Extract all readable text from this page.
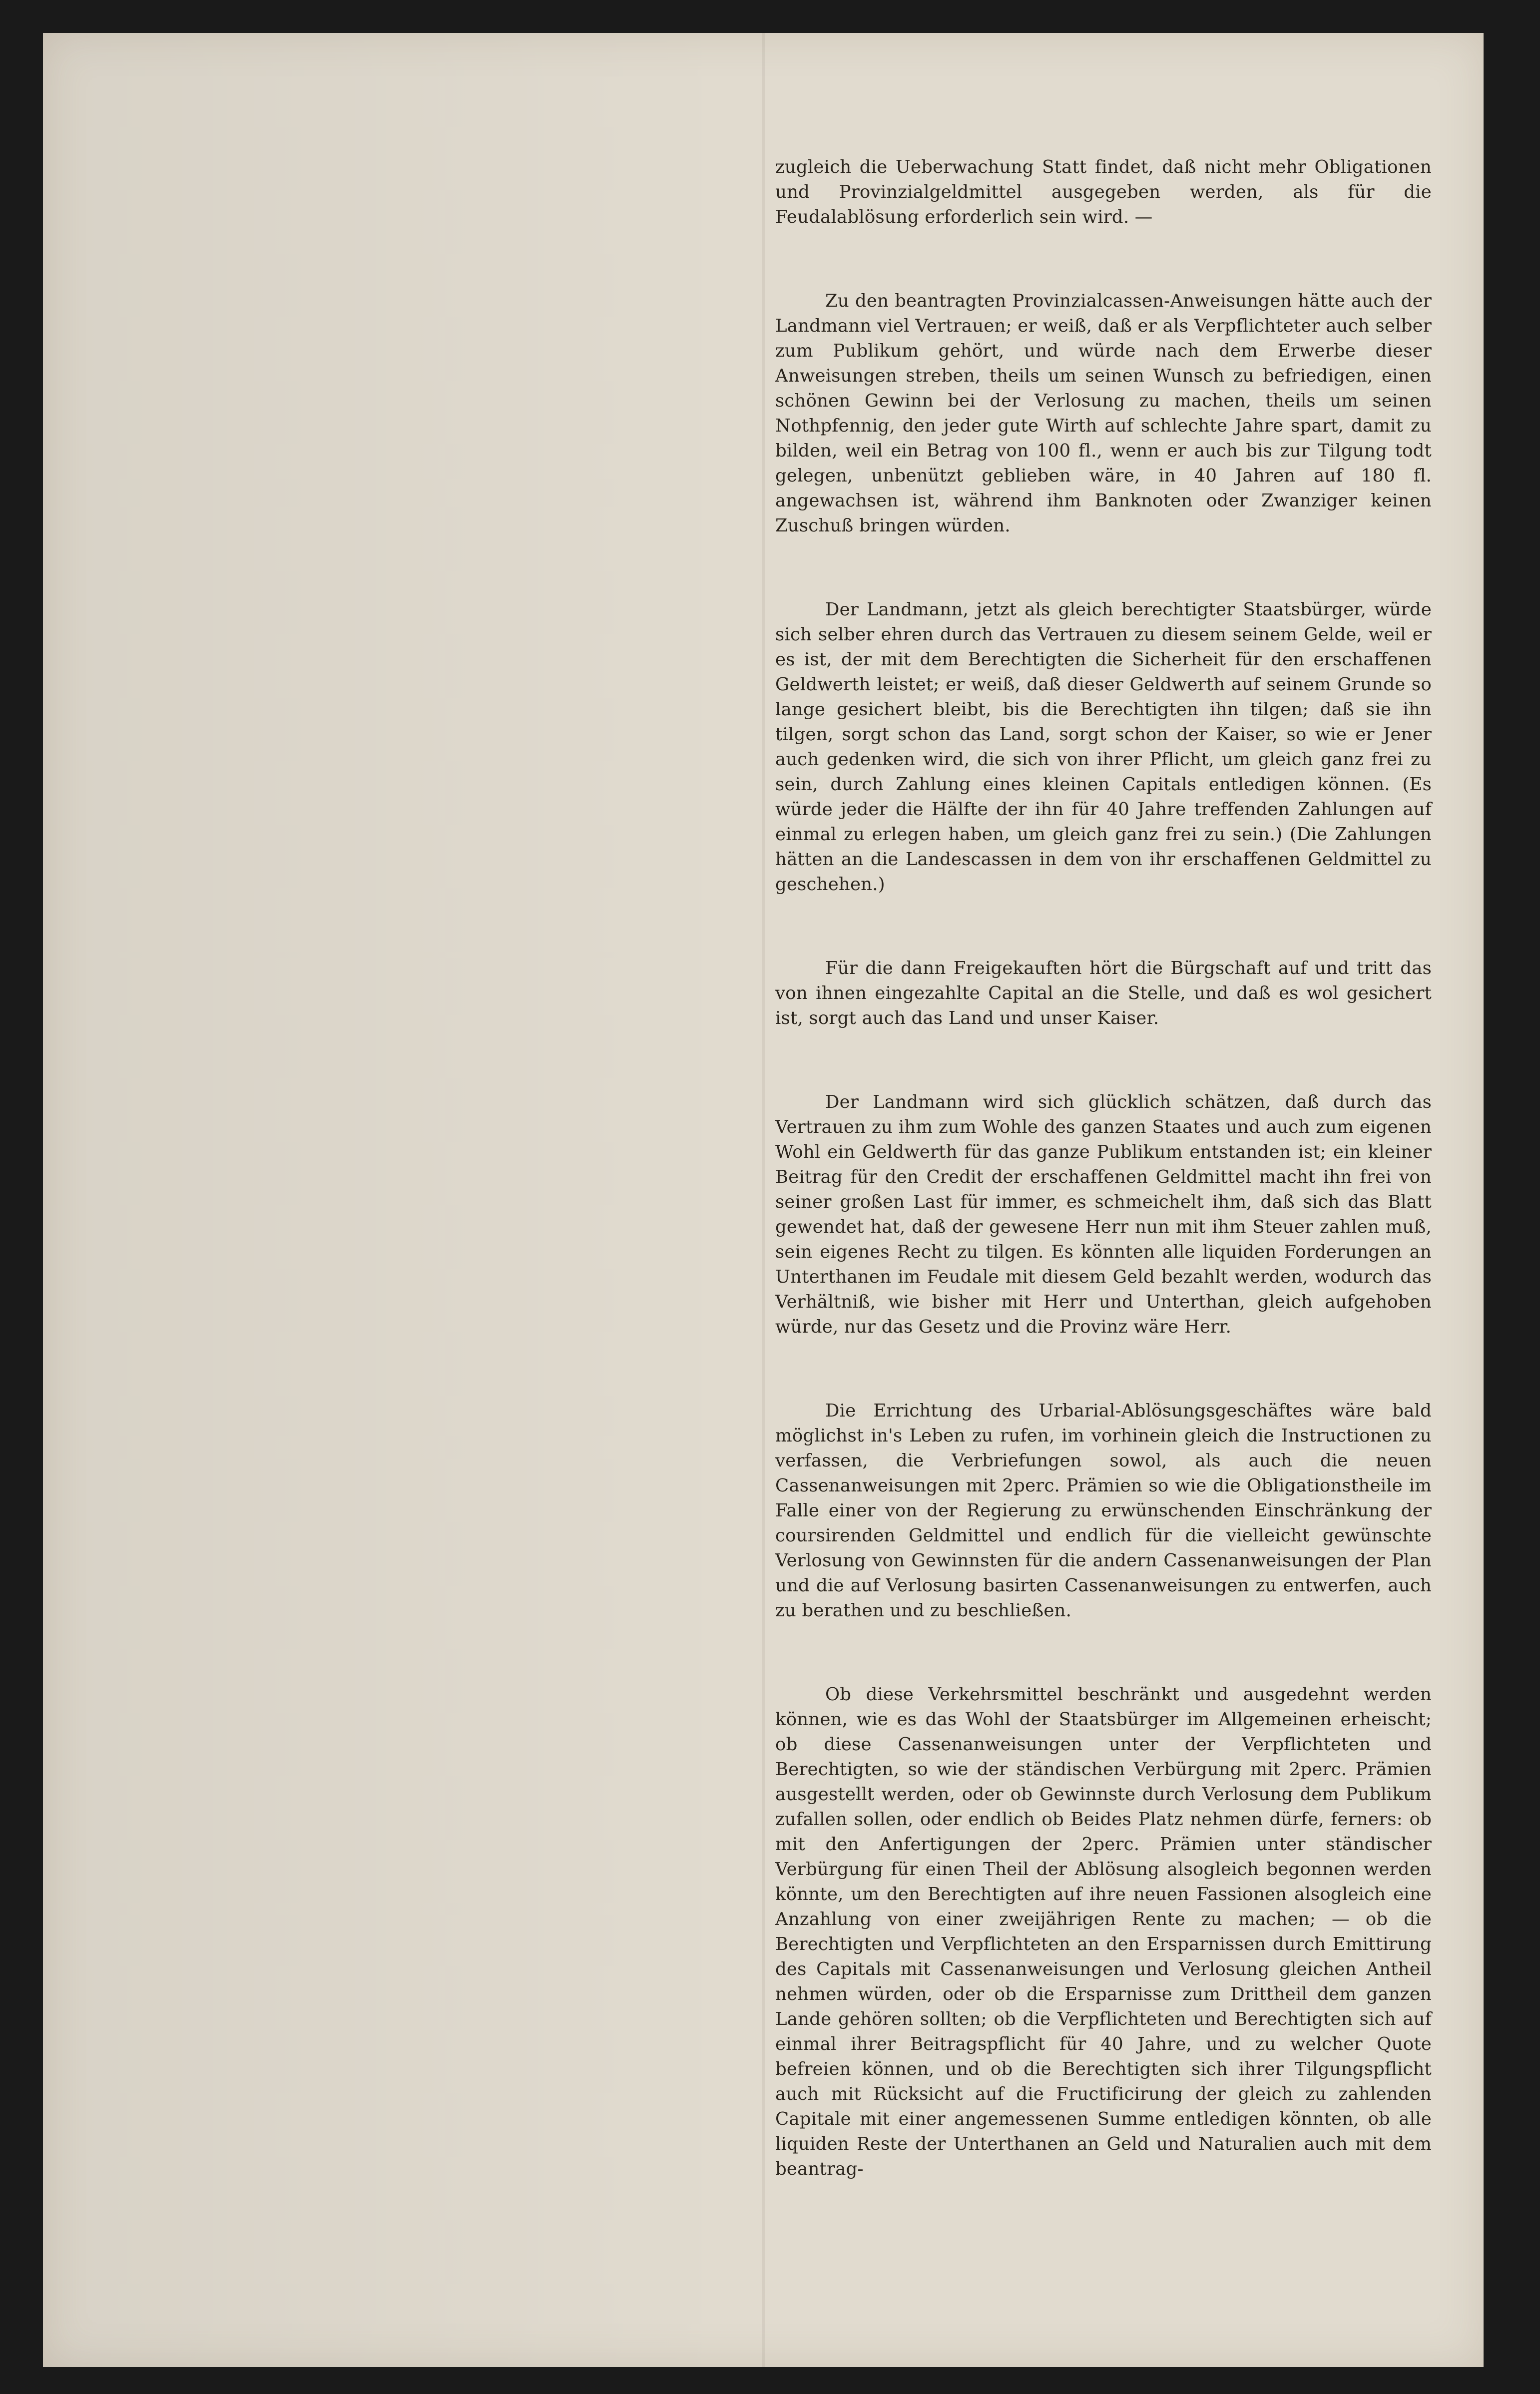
zugleich die Ueberwachung Statt findet, daß nicht mehr Obligationen und Provinzialgeldmittel ausgegeben werden, als für die Feudalablösung erforderlich sein wird. —

Zu den beantragten Provinzialcassen-Anweisungen hätte auch der Landmann viel Vertrauen; er weiß, daß er als Verpflichteter auch selber zum Publikum gehört, und würde nach dem Erwerbe dieser Anweisungen streben, theils um seinen Wunsch zu befriedigen, einen schönen Gewinn bei der Verlosung zu machen, theils um seinen Nothpfennig, den jeder gute Wirth auf schlechte Jahre spart, damit zu bilden, weil ein Betrag von 100 fl., wenn er auch bis zur Tilgung todt gelegen, unbenützt geblieben wäre, in 40 Jahren auf 180 fl. angewachsen ist, während ihm Banknoten oder Zwanziger keinen Zuschuß bringen würden.

Der Landmann, jetzt als gleich berechtigter Staatsbürger, würde sich selber ehren durch das Vertrauen zu diesem seinem Gelde, weil er es ist, der mit dem Berechtigten die Sicherheit für den erschaffenen Geldwerth leistet; er weiß, daß dieser Geldwerth auf seinem Grunde so lange gesichert bleibt, bis die Berechtigten ihn tilgen; daß sie ihn tilgen, sorgt schon das Land, sorgt schon der Kaiser, so wie er Jener auch gedenken wird, die sich von ihrer Pflicht, um gleich ganz frei zu sein, durch Zahlung eines kleinen Capitals entledigen können. (Es würde jeder die Hälfte der ihn für 40 Jahre treffenden Zahlungen auf einmal zu erlegen haben, um gleich ganz frei zu sein.) (Die Zahlungen hätten an die Landescassen in dem von ihr erschaffenen Geldmittel zu geschehen.)

Für die dann Freigekauften hört die Bürgschaft auf und tritt das von ihnen eingezahlte Capital an die Stelle, und daß es wol gesichert ist, sorgt auch das Land und unser Kaiser.

Der Landmann wird sich glücklich schätzen, daß durch das Vertrauen zu ihm zum Wohle des ganzen Staates und auch zum eigenen Wohl ein Geldwerth für das ganze Publikum entstanden ist; ein kleiner Beitrag für den Credit der erschaffenen Geldmittel macht ihn frei von seiner großen Last für immer, es schmeichelt ihm, daß sich das Blatt gewendet hat, daß der gewesene Herr nun mit ihm Steuer zahlen muß, sein eigenes Recht zu tilgen. Es könnten alle liquiden Forderungen an Unterthanen im Feudale mit diesem Geld bezahlt werden, wodurch das Verhältniß, wie bisher mit Herr und Unterthan, gleich aufgehoben würde, nur das Gesetz und die Provinz wäre Herr.

Die Errichtung des Urbarial-Ablösungsgeschäftes wäre bald möglichst in's Leben zu rufen, im vorhinein gleich die Instructionen zu verfassen, die Verbriefungen sowol, als auch die neuen Cassenanweisungen mit 2perc. Prämien so wie die Obligationstheile im Falle einer von der Regierung zu erwünschenden Einschränkung der coursirenden Geldmittel und endlich für die vielleicht gewünschte Verlosung von Gewinnsten für die andern Cassenanweisungen der Plan und die auf Verlosung basirten Cassenanweisungen zu entwerfen, auch zu berathen und zu beschließen.

Ob diese Verkehrsmittel beschränkt und ausgedehnt werden können, wie es das Wohl der Staatsbürger im Allgemeinen erheischt; ob diese Cassenanweisungen unter der Verpflichteten und Berechtigten, so wie der ständischen Verbürgung mit 2perc. Prämien ausgestellt werden, oder ob Gewinnste durch Verlosung dem Publikum zufallen sollen, oder endlich ob Beides Platz nehmen dürfe, ferners: ob mit den Anfertigungen der 2perc. Prämien unter ständischer Verbürgung für einen Theil der Ablösung alsogleich begonnen werden könnte, um den Berechtigten auf ihre neuen Fassionen alsogleich eine Anzahlung von einer zweijährigen Rente zu machen; — ob die Berechtigten und Verpflichteten an den Ersparnissen durch Emittirung des Capitals mit Cassenanweisungen und Verlosung gleichen Antheil nehmen würden, oder ob die Ersparnisse zum Drittheil dem ganzen Lande gehören sollten; ob die Verpflichteten und Berechtigten sich auf einmal ihrer Beitragspflicht für 40 Jahre, und zu welcher Quote befreien können, und ob die Berechtigten sich ihrer Tilgungspflicht auch mit Rücksicht auf die Fructificirung der gleich zu zahlenden Capitale mit einer angemessenen Summe entledigen könnten, ob alle liquiden Reste der Unterthanen an Geld und Naturalien auch mit dem beantrag-
